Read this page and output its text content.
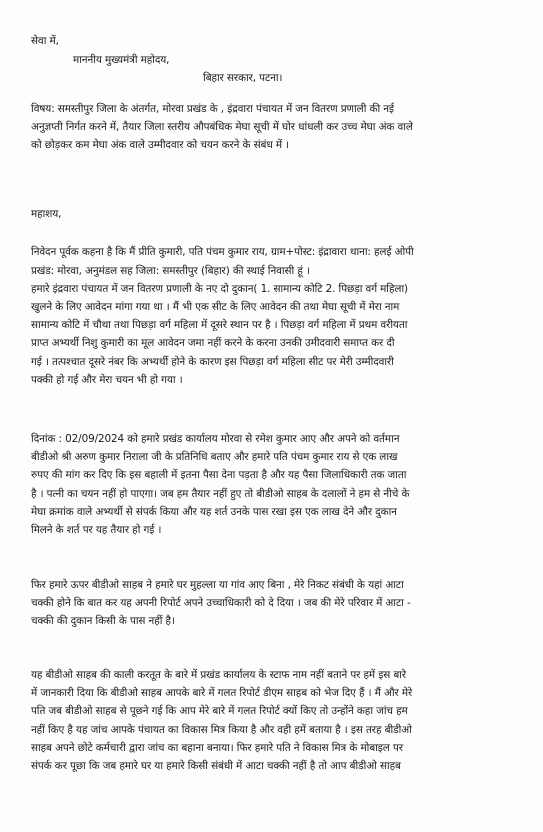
सेवा में,
माननीय मुख्यमंत्री महोदय,
बिहार सरकार, पटना।
विषय: समस्तीपुर जिला के अंतर्गत, मोरवा प्रखंड के , इंद्रवारा पंचायत में जन वितरण प्रणाली की नई
अनुज्ञप्ती निर्गत करने में, तैयार जिला स्तरीय औपबंधिक मेघा सूची में घोर धांधली कर उच्च मेघा अंक वाले
को छोड़कर कम मेघा अंक वाले उम्मीदवार को चयन करने के संबंध में ।
महाशय,
निवेदन पूर्वक कहना है कि मैं प्रीति कुमारी, पति पंचम कुमार राय, ग्राम+पोस्ट: इंद्रावारा थाना: हलई ओपी
प्रखंड: मोरवा, अनुमंडल सह जिला: समस्तीपुर (बिहार) की स्थाई निवासी हूं ।
हमारे इंद्रवारा पंचायत में जन वितरण प्रणाली के नए दो दुकान( 1. सामान्य कोटि 2. पिछड़ा वर्ग महिला)
खुलने के लिए आवेदन मांगा गया था । मैं भी एक सीट के लिए आवेदन की तथा मेघा सूची में मेरा नाम
सामान्य कोटि में चौथा तथा पिछड़ा वर्ग महिला में दूसरे स्थान पर है । पिछड़ा वर्ग महिला में प्रथम वरीयता
प्राप्त अभ्यर्थी निशु कुमारी का मूल आवेदन जमा नहीं करने के करना उनकी उमीदवारी समाप्त कर दी
गई । तत्पश्चात दूसरे नंबर कि अभ्यर्थी होने के कारण इस पिछड़ा वर्ग महिला सीट पर मेरी उम्मीदवारी
पक्की हो गई और मेरा चयन भी हो गया ।
दिनांक : 02/09/2024 को हमारे प्रखंड कार्यालय मोरवा से रमेश कुमार आए और अपने को वर्तमान
बीडीओ श्री अरुण कुमार निराला जी के प्रतिनिधि बताए और हमारे पति पंचम कुमार राय से एक लाख
रुपए की मांग कर दिए कि इस बहाली में इतना पैसा देना पड़ता है और यह पैसा जिलाधिकारी तक जाता
है । पत्नी का चयन नहीं हो पाएगा। जब हम तैयार नहीं हुए तो बीडीओ साहब के दलालों ने हम से नीचे के
मेघा क्रमांक वाले अभ्यर्थी से संपर्क किया और यह शर्त उनके पास रखा इस एक लाख देने और दुकान
मिलने के शर्त पर यह तैयार हो गई ।
फिर हमारे ऊपर बीडीओ साहब ने हमारे घर मुहल्ला या गांव आए बिना , मेरे निकट संबंधी के यहां आटा
चक्की होने कि बात कर यह अपनी रिपोर्ट अपने उच्चाधिकारी को दे दिया । जब की मेरे परिवार में आटा -
चक्की की दुकान किसी के पास नहीं है।
यह बीडीओ साहब की काली करतूत के बारे में प्रखंड कार्यालय के स्टाफ नाम नहीं बताने पर हमें इस बारे
में जानकारी दिया कि बीडीओ साहब आपके बारे में गलत रिपोर्ट डीएम साहब को भेज दिए हैं । मैं और मेरे
पति जब बीडीओ साहब से पूछने गई कि आप मेरे बारे में गलत रिपोर्ट क्यों किए तो उन्होंने कहा जांच हम
नहीं किए है यह जांच आपके पंचायत का विकास मित्र किया है और वही हमें बताया है । इस तरह बीडीओ
साहब अपने छोटे कर्मचारी द्वारा जांच का बहाना बनाया। फिर हमारे पति ने विकास मित्र के मोबाइल पर
संपर्क कर पूछा कि जब हमारे घर या हमारे किसी संबंधी में आटा चक्की नहीं है तो आप बीडीओ साहब
